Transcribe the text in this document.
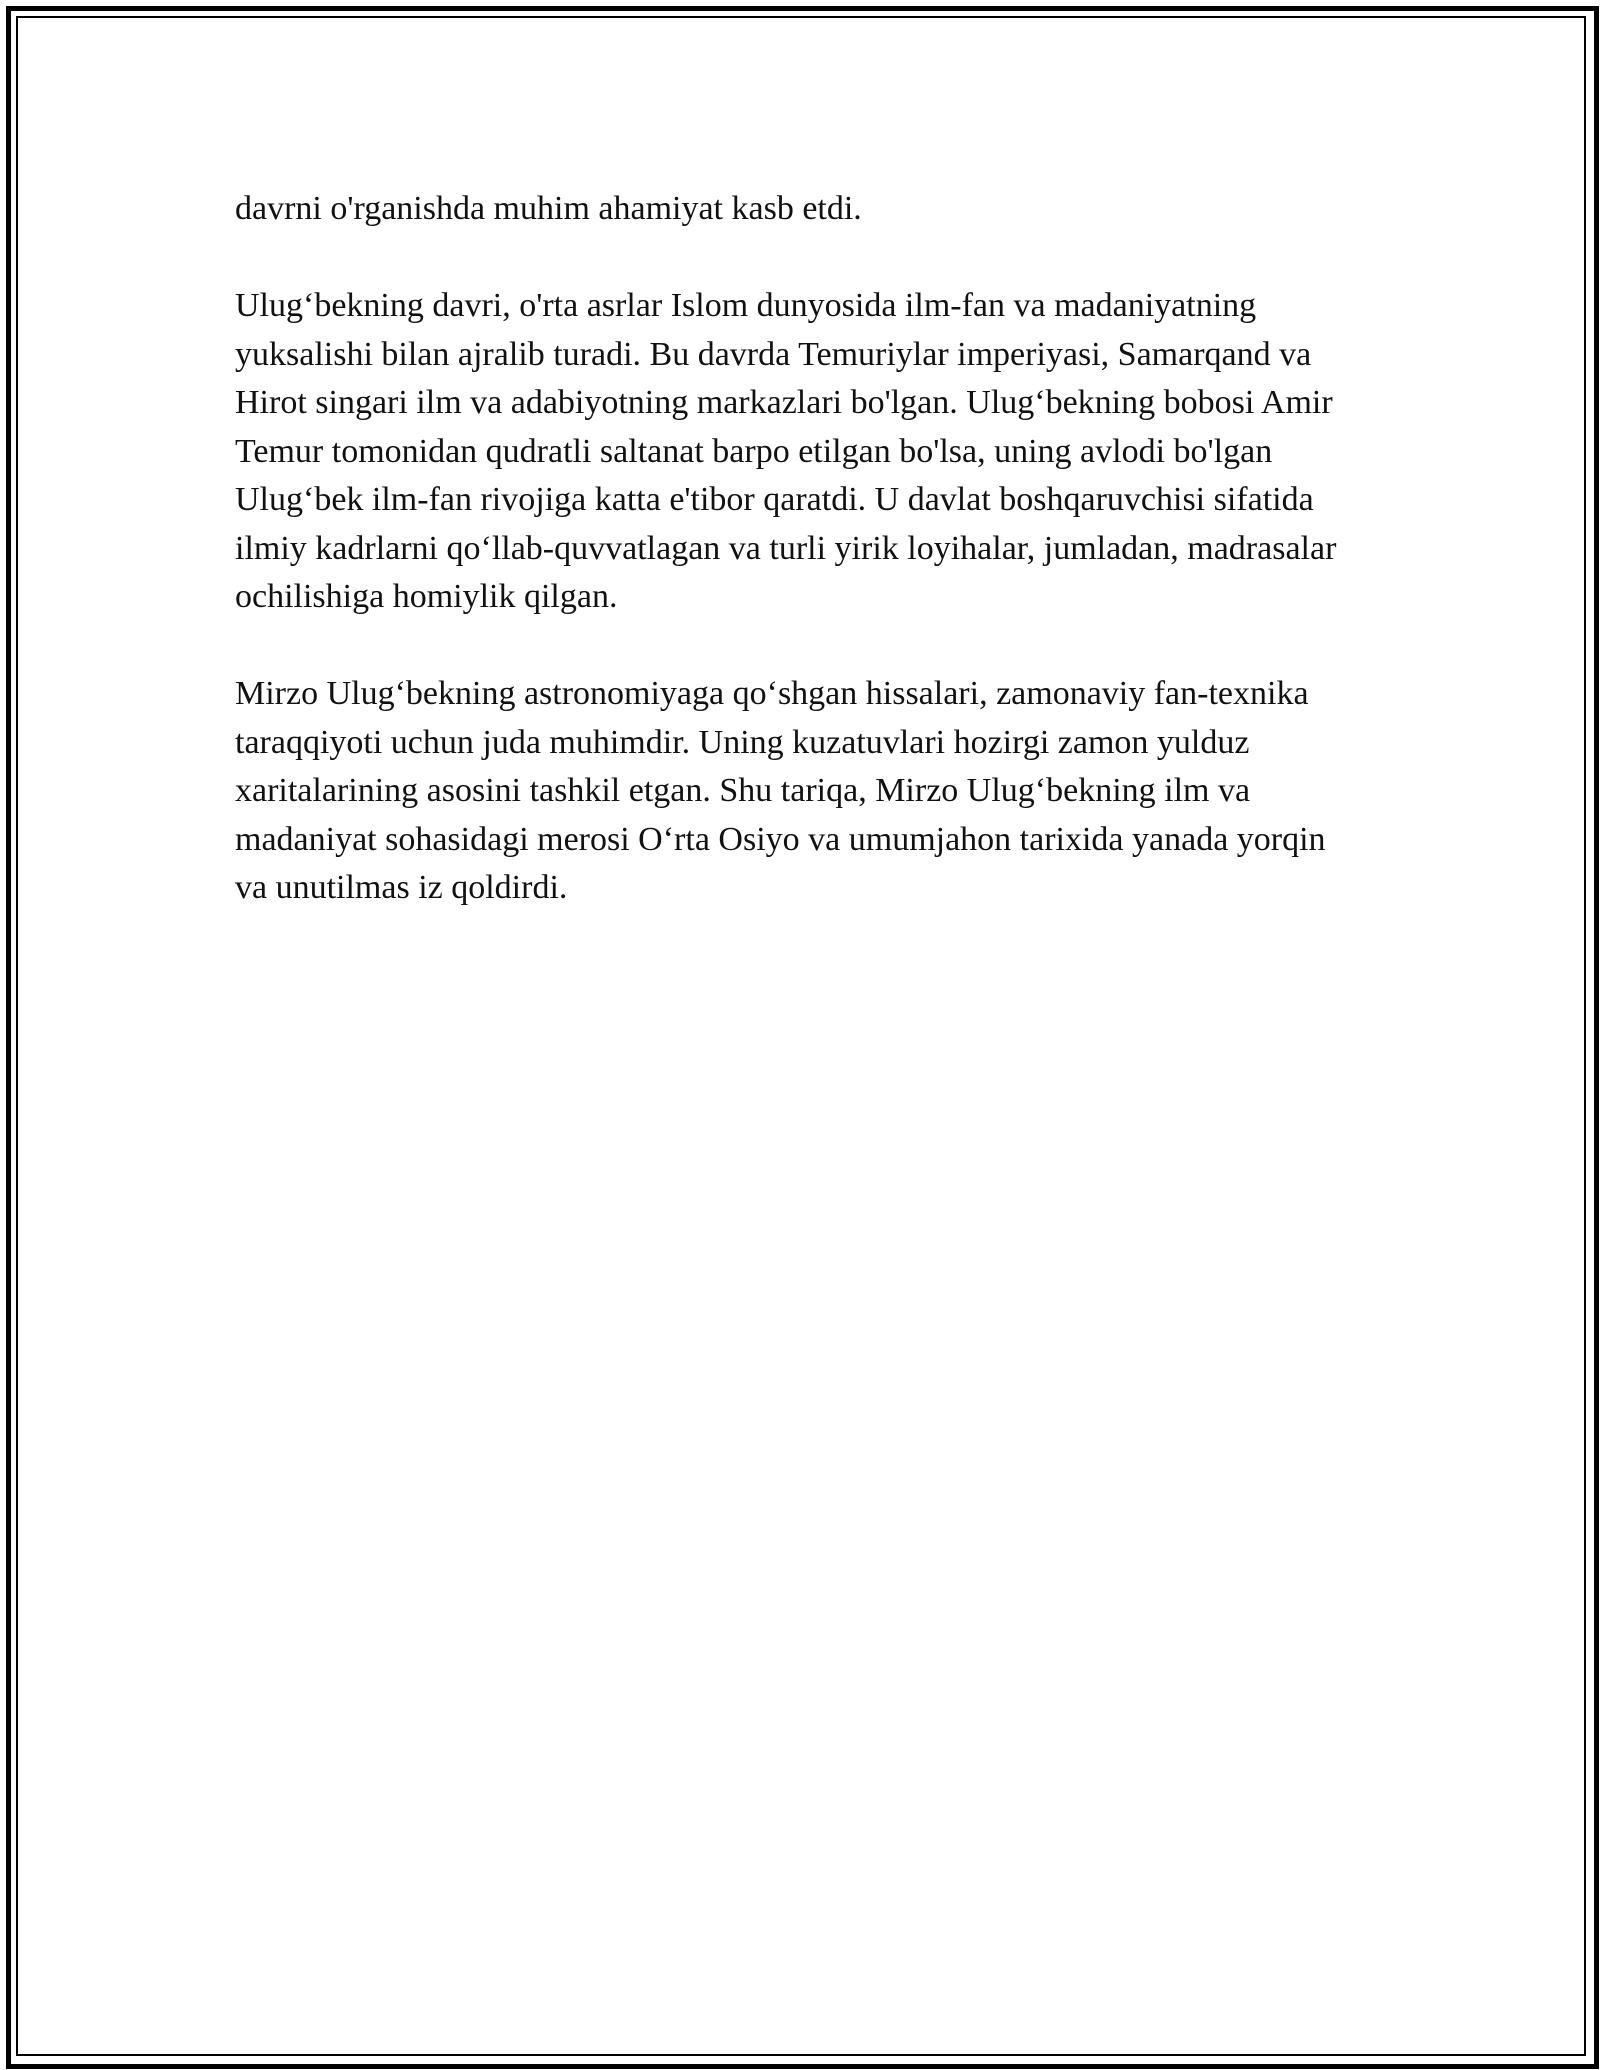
davrni o'rganishda muhim ahamiyat kasb etdi.

Ulug‘bekning davri, o'rta asrlar Islom dunyosida ilm-fan va madaniyatning yuksalishi bilan ajralib turadi. Bu davrda Temuriylar imperiyasi, Samarqand va Hirot singari ilm va adabiyotning markazlari bo'lgan. Ulug‘bekning bobosi Amir Temur tomonidan qudratli saltanat barpo etilgan bo'lsa, uning avlodi bo'lgan Ulug‘bek ilm-fan rivojiga katta e'tibor qaratdi. U davlat boshqaruvchisi sifatida ilmiy kadrlarni qo‘llab-quvvatlagan va turli yirik loyihalar, jumladan, madrasalar ochilishiga homiylik qilgan.

Mirzo Ulug‘bekning astronomiyaga qo‘shgan hissalari, zamonaviy fan-texnika taraqqiyoti uchun juda muhimdir. Uning kuzatuvlari hozirgi zamon yulduz xaritalarining asosini tashkil etgan. Shu tariqa, Mirzo Ulug‘bekning ilm va madaniyat sohasidagi merosi O‘rta Osiyo va umumjahon tarixida yanada yorqin va unutilmas iz qoldirdi.
